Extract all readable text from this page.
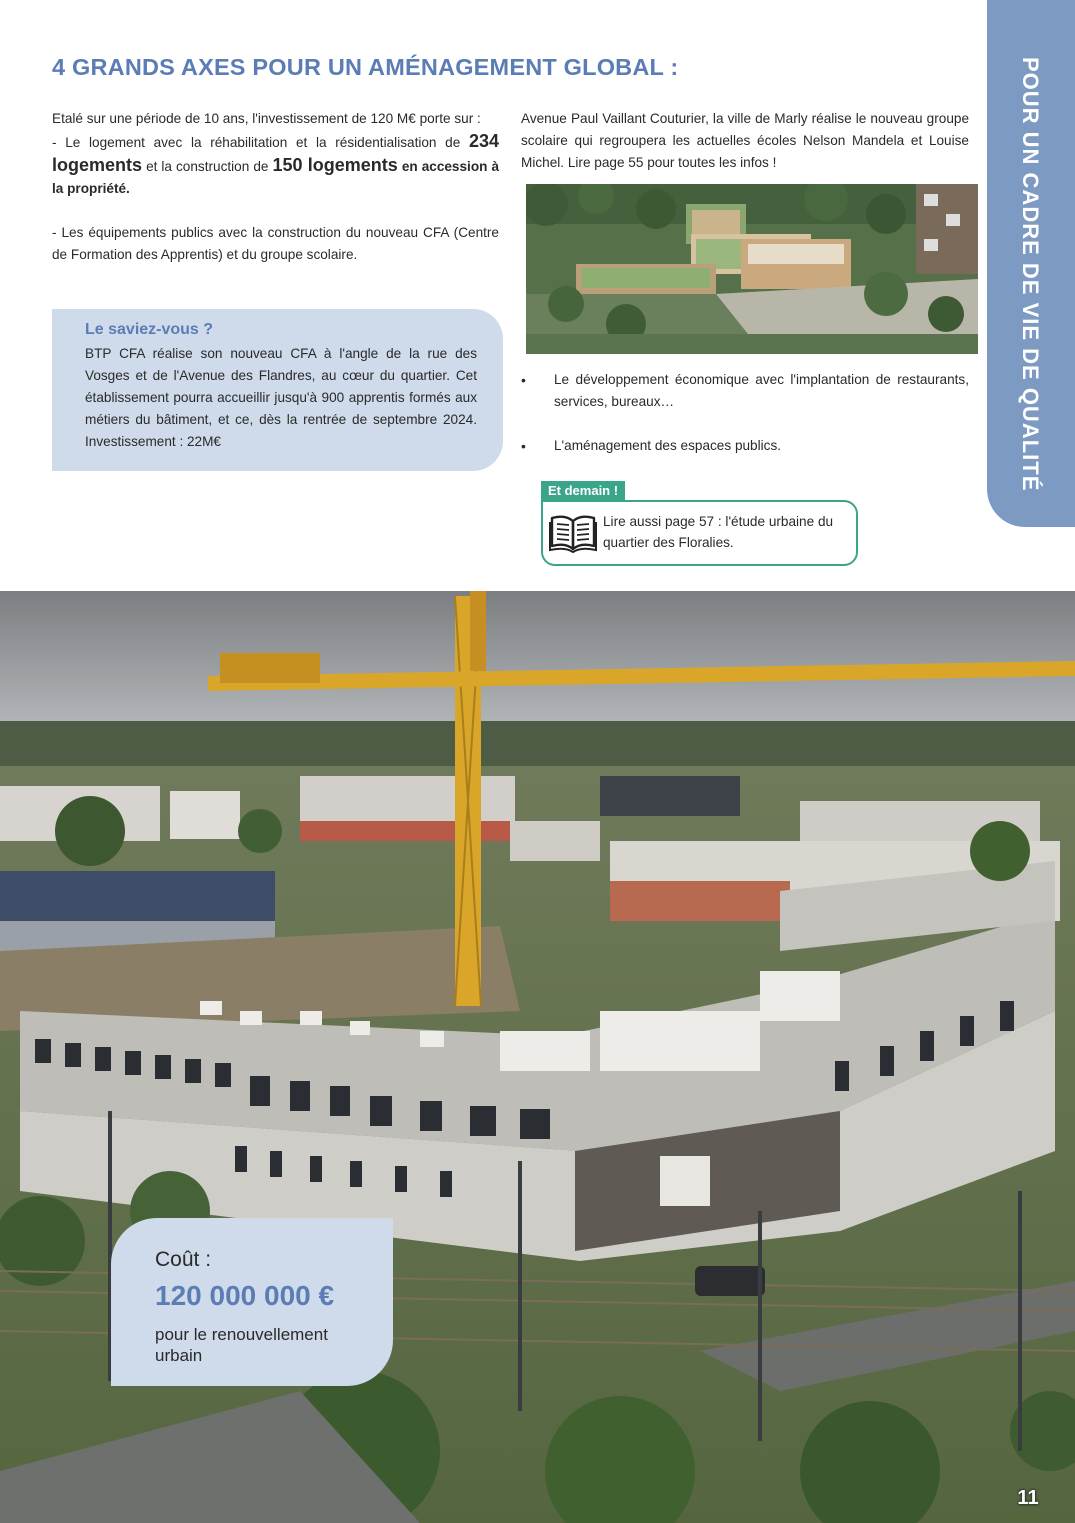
POUR UN CADRE DE VIE DE QUALITÉ
4 GRANDS AXES POUR UN AMÉNAGEMENT GLOBAL :

Etalé sur une période de 10 ans, l'investissement de 120 M€ porte sur :

- Le logement avec la réhabilitation et la résidentialisation de 234 logements et la construction de 150 logements en accession à la propriété.

- Les équipements publics avec la construction du nouveau CFA (Centre de Formation des Apprentis) et du groupe scolaire.

Le saviez-vous ?
BTP CFA réalise son nouveau CFA à l'angle de la rue des Vosges et de l'Avenue des Flandres, au cœur du quartier. Cet établissement pourra accueillir jusqu'à 900 apprentis formés aux métiers du bâtiment, et ce, dès la rentrée de septembre 2024. Investissement : 22M€
Avenue Paul Vaillant Couturier, la ville de Marly réalise le nouveau groupe scolaire qui regroupera les actuelles écoles Nelson Mandela et Louise Michel. Lire page 55 pour toutes les infos !
• Le développement économique avec l'implantation de restaurants, services, bureaux…
• L'aménagement des espaces publics.
Et demain !
Lire aussi page 57 : l'étude urbaine du quartier des Floralies.
Coût :
120 000 000 €
pour le renouvellement urbain
11
